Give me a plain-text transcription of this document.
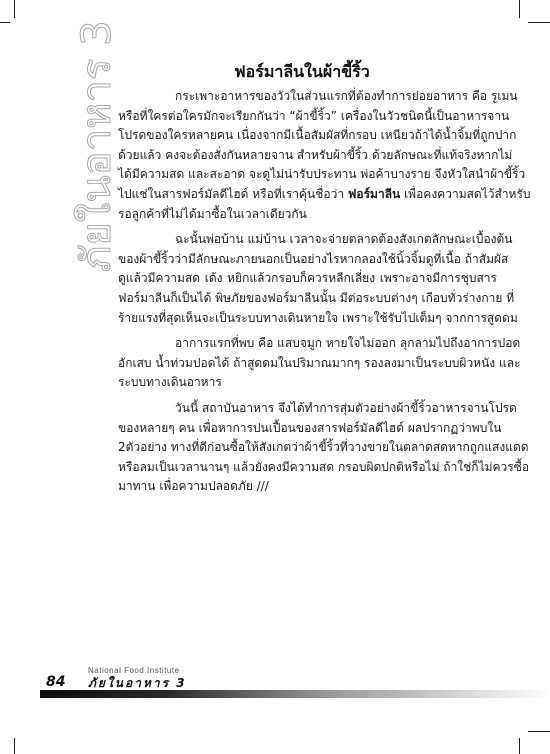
ภัยในอาหาร 3	ฟอร์มาลีนในผ้าขี้ริ้ว
กระเพาะอาหารของวัวในส่วนแรกที่ต้องทำการย่อยอาหาร คือ รูเมน
หรือที่ใครต่อใครมักจะเรียกกันว่า “ผ้าขี้ริ้ว” เครื่องในวัวชนิดนี้เป็นอาหารจาน
โปรดของใครหลายคน เนื่องจากมีเนื้อสัมผัสที่กรอบ เหนียวถ้าได้น้ำจิ้มที่ถูกปาก
ด้วยแล้ว คงจะต้องสั่งกันหลายจาน สำหรับผ้าขี้ริ้ว ด้วยลักษณะที่แท้จริงหากไม่
ได้มีความสด และสะอาด จะดูไม่น่ารับประทาน พ่อค้าบางราย จึงหัวใสนำผ้าขี้ริ้ว
ไปแช่ในสารฟอร์มัลดีไฮด์ หรือที่เราคุ้นชื่อว่า ฟอร์มาลีน เพื่อคงความสดไว้สำหรับ
รอลูกค้าที่ไม่ได้มาซื้อในเวลาเดียวกัน
ฉะนั้นพ่อบ้าน แม่บ้าน เวลาจะจ่ายตลาดต้องสังเกตลักษณะเบื้องต้น
ของผ้าขี้ริ้วว่ามีลักษณะภายนอกเป็นอย่างไรหากลองใช้นิ้วจิ้มดูที่เนื้อ ถ้าสัมผัส
ดูแล้วมีความสด เด้ง หยิกแล้วกรอบก็ควรหลีกเลี่ยง เพราะอาจมีการชุบสาร
ฟอร์มาลีนก็เป็นได้ พิษภัยของฟอร์มาลีนนั้น มีต่อระบบต่างๆ เกือบทั่วร่างกาย ที่
ร้ายแรงที่สุดเห็นจะเป็นระบบทางเดินหายใจ เพราะใช้รับไปเต็มๆ จากการสูดดม
อาการแรกที่พบ คือ แสบจมูก หายใจไม่ออก ลุกลามไปถึงอาการปอด
อักเสบ น้ำท่วมปอดได้ ถ้าสูดดมในปริมาณมากๆ รองลงมาเป็นระบบผิวหนัง และ
ระบบทางเดินอาหาร
วันนี้ สถาบันอาหาร จึงได้ทำการสุ่มตัวอย่างผ้าขี้ริ้วอาหารจานโปรด
ของหลายๆ คน เพื่อหาการปนเปื้อนของสารฟอร์มัลดีไฮด์ ผลปรากฏว่าพบใน
2ตัวอย่าง ทางที่ดีก่อนซื้อให้สังเกตว่าผ้าขี้ริ้วที่วางขายในตลาดสดหากถูกแสงแดด
หรือลมเป็นเวลานานๆ แล้วยังคงมีความสด กรอบผิดปกติหรือไม่ ถ้าใช่ก็ไม่ควรซื้อ
มาทาน เพื่อความปลอดภัย ///
84
National Food Institute
ภัยในอาหาร 3
